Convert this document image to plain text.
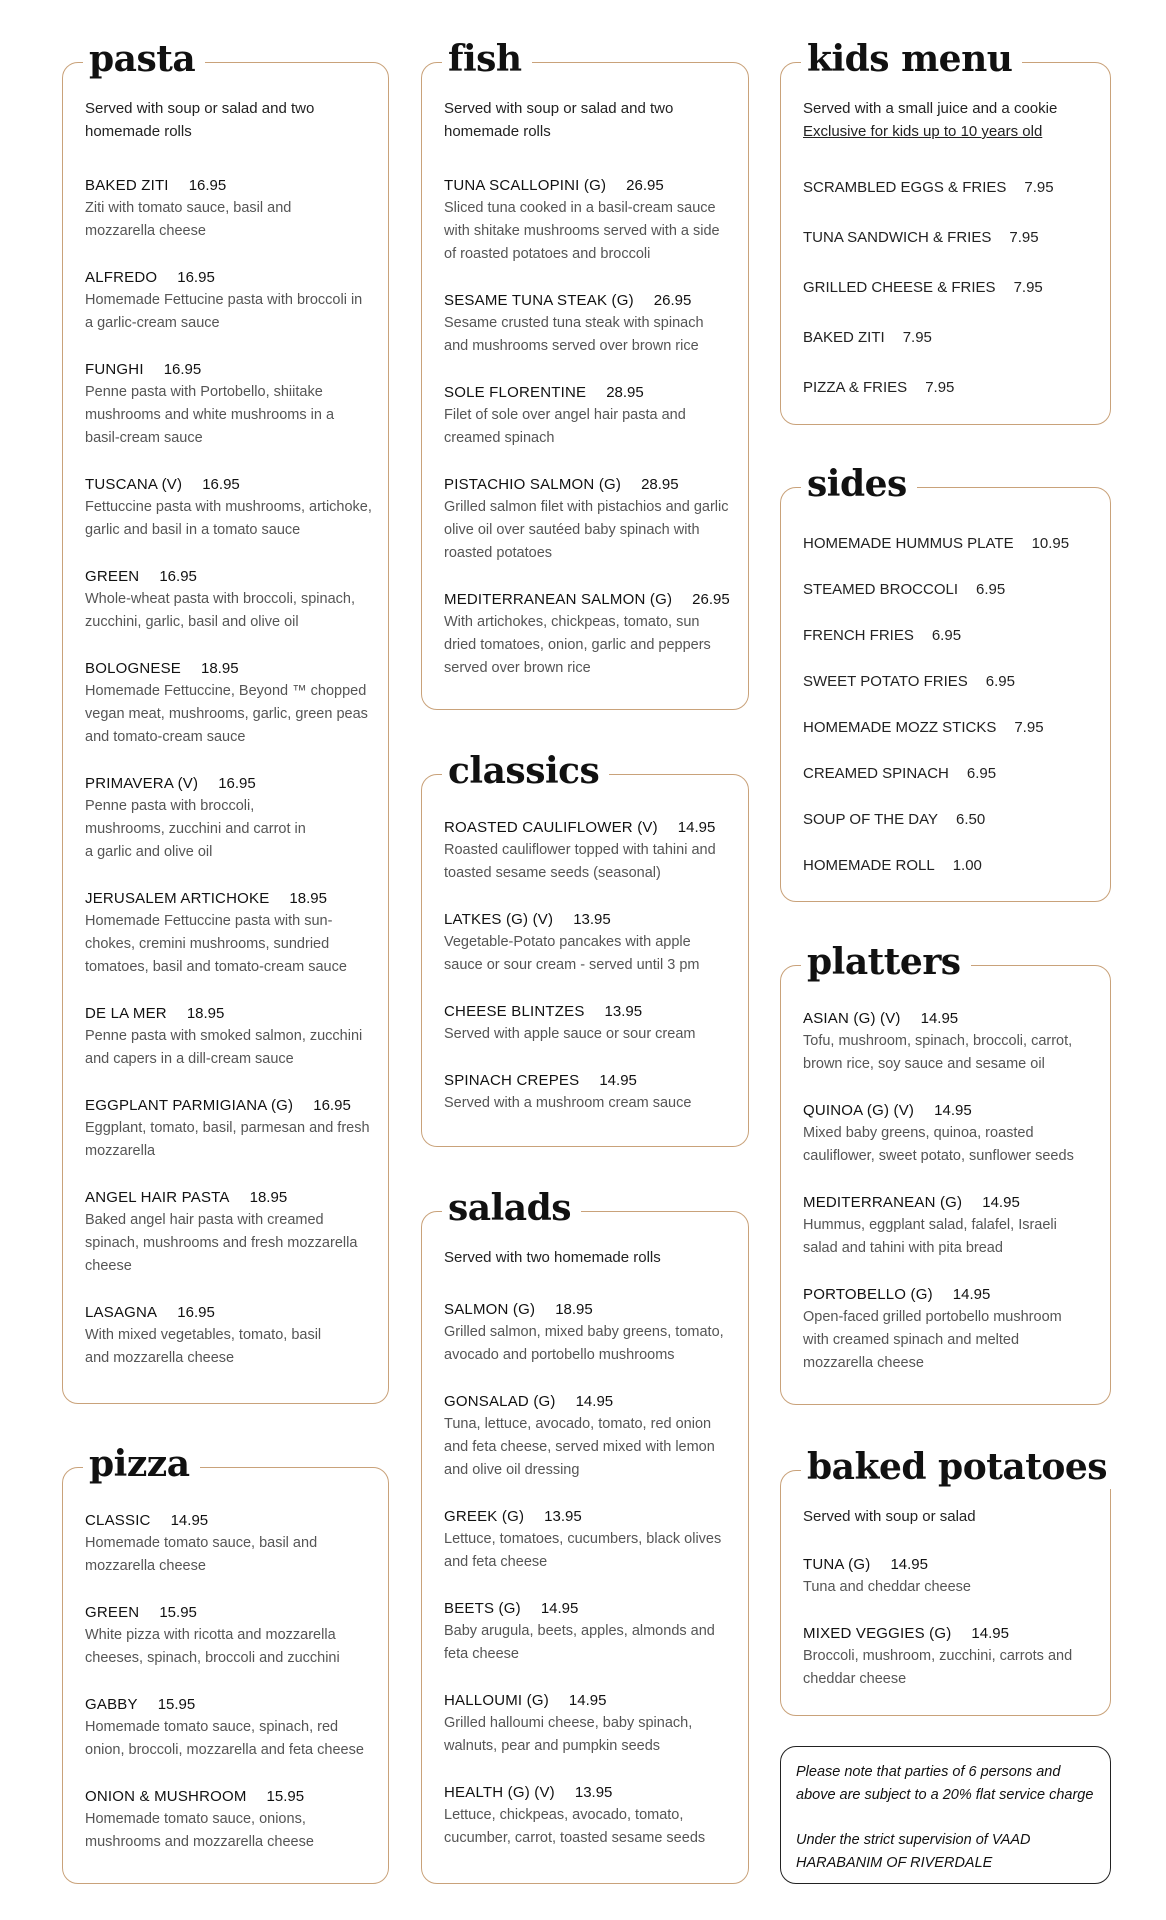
pasta
Served with soup or salad and two homemade rolls
BAKED ZITI 16.95
Ziti with tomato sauce, basil and mozzarella cheese
ALFREDO 16.95
Homemade Fettucine pasta with broccoli in a garlic-cream sauce
FUNGHI 16.95
Penne pasta with Portobello, shiitake mushrooms and white mushrooms in a basil-cream sauce
TUSCANA (V) 16.95
Fettuccine pasta with mushrooms, artichoke, garlic and basil in a tomato sauce
GREEN 16.95
Whole-wheat pasta with broccoli, spinach, zucchini, garlic, basil and olive oil
BOLOGNESE 18.95
Homemade Fettuccine, Beyond ™ chopped vegan meat, mushrooms, garlic, green peas and tomato-cream sauce
PRIMAVERA (V) 16.95
Penne pasta with broccoli, mushrooms, zucchini and carrot in a garlic and olive oil
JERUSALEM ARTICHOKE 18.95
Homemade Fettuccine pasta with sun-chokes, cremini mushrooms, sundried tomatoes, basil and tomato-cream sauce
DE LA MER 18.95
Penne pasta with smoked salmon, zucchini and capers in a dill-cream sauce
EGGPLANT PARMIGIANA (G) 16.95
Eggplant, tomato, basil, parmesan and fresh mozzarella
ANGEL HAIR PASTA 18.95
Baked angel hair pasta with creamed spinach, mushrooms and fresh mozzarella cheese
LASAGNA 16.95
With mixed vegetables, tomato, basil and mozzarella cheese
pizza
CLASSIC 14.95
Homemade tomato sauce, basil and mozzarella cheese
GREEN 15.95
White pizza with ricotta and mozzarella cheeses, spinach, broccoli and zucchini
GABBY 15.95
Homemade tomato sauce, spinach, red onion, broccoli, mozzarella and feta cheese
ONION & MUSHROOM 15.95
Homemade tomato sauce, onions, mushrooms and mozzarella cheese
fish
Served with soup or salad and two homemade rolls
TUNA SCALLOPINI (G) 26.95
Sliced tuna cooked in a basil-cream sauce with shitake mushrooms served with a side of roasted potatoes and broccoli
SESAME TUNA STEAK (G) 26.95
Sesame crusted tuna steak with spinach and mushrooms served over brown rice
SOLE FLORENTINE 28.95
Filet of sole over angel hair pasta and creamed spinach
PISTACHIO SALMON (G) 28.95
Grilled salmon filet with pistachios and garlic olive oil over sautéed baby spinach with roasted potatoes
MEDITERRANEAN SALMON (G) 26.95
With artichokes, chickpeas, tomato, sun dried tomatoes, onion, garlic and peppers served over brown rice
classics
ROASTED CAULIFLOWER (V) 14.95
Roasted cauliflower topped with tahini and toasted sesame seeds (seasonal)
LATKES (G) (V) 13.95
Vegetable-Potato pancakes with apple sauce or sour cream - served until 3 pm
CHEESE BLINTZES 13.95
Served with apple sauce or sour cream
SPINACH CREPES 14.95
Served with a mushroom cream sauce
salads
Served with two homemade rolls
SALMON (G) 18.95
Grilled salmon, mixed baby greens, tomato, avocado and portobello mushrooms
GONSALAD (G) 14.95
Tuna, lettuce, avocado, tomato, red onion and feta cheese, served mixed with lemon and olive oil dressing
GREEK (G) 13.95
Lettuce, tomatoes, cucumbers, black olives and feta cheese
BEETS (G) 14.95
Baby arugula, beets, apples, almonds and feta cheese
HALLOUMI (G) 14.95
Grilled halloumi cheese, baby spinach, walnuts, pear and pumpkin seeds
HEALTH (G) (V) 13.95
Lettuce, chickpeas, avocado, tomato, cucumber, carrot, toasted sesame seeds
kids menu
Served with a small juice and a cookie
Exclusive for kids up to 10 years old
SCRAMBLED EGGS & FRIES 7.95
TUNA SANDWICH & FRIES 7.95
GRILLED CHEESE & FRIES 7.95
BAKED ZITI 7.95
PIZZA & FRIES 7.95
sides
HOMEMADE HUMMUS PLATE 10.95
STEAMED BROCCOLI 6.95
FRENCH FRIES 6.95
SWEET POTATO FRIES 6.95
HOMEMADE MOZZ STICKS 7.95
CREAMED SPINACH 6.95
SOUP OF THE DAY 6.50
HOMEMADE ROLL 1.00
platters
ASIAN (G) (V) 14.95
Tofu, mushroom, spinach, broccoli, carrot, brown rice, soy sauce and sesame oil
QUINOA (G) (V) 14.95
Mixed baby greens, quinoa, roasted cauliflower, sweet potato, sunflower seeds
MEDITERRANEAN (G) 14.95
Hummus, eggplant salad, falafel, Israeli salad and tahini with pita bread
PORTOBELLO (G) 14.95
Open-faced grilled portobello mushroom with creamed spinach and melted mozzarella cheese
baked potatoes
Served with soup or salad
TUNA (G) 14.95
Tuna and cheddar cheese
MIXED VEGGIES (G) 14.95
Broccoli, mushroom, zucchini, carrots and cheddar cheese
Please note that parties of 6 persons and above are subject to a 20% flat service charge
Under the strict supervision of VAAD HARABANIM OF RIVERDALE
